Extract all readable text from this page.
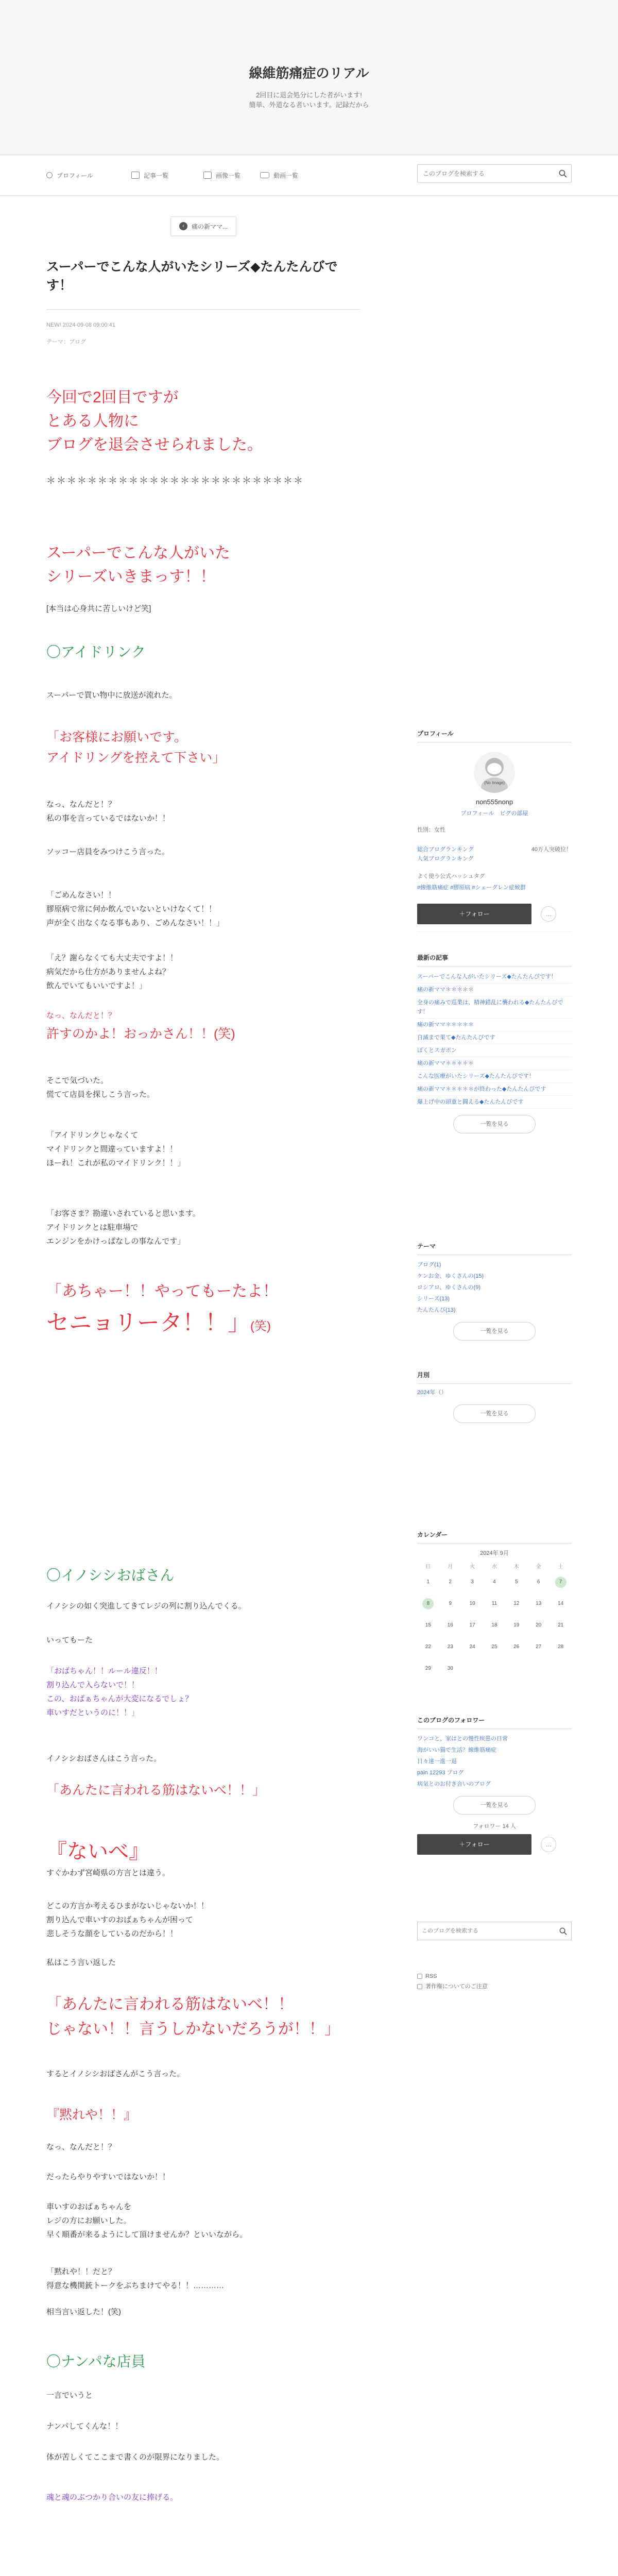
線維筋痛症のリアル
2回目に退会処分にした者がいます!
簡単、外道なる者いいます。記録だから
プロフィール	記事一覧	画像一覧	動画一覧
このブログを検索する
‹	痛の新ママ...
スーパーでこんな人がいたシリーズ◆たんたんびです！
NEW! 2024-09-08 09:00:41
テーマ：ブログ
今回で2回目ですが
とある人物に
ブログを退会させられました。
＊＊＊＊＊＊＊＊＊＊＊＊＊＊＊＊＊＊＊＊＊＊＊＊＊
スーパーでこんな人がいた
シリーズいきまっす！！
[本当は心身共に苦しいけど笑]
〇アイドリンク
スーパーで買い物中に放送が流れた。
「お客様にお願いです。
アイドリングを控えて下さい」
なっ、なんだと！？
私の事を言っているではないか！！
ソッコー店員をみつけこう言った。
「ごめんなさい！！
膠原病で常に何か飲んでいないといけなくて！！
声が全く出なくなる事もあり、ごめんなさい！！」
「え？謝らなくても大丈夫ですよ！！
病気だから仕方がありませんよね？
飲んでいてもいいですよ！」
なっ、なんだと！？
許すのかよ！おっかさん！！(笑)
そこで気づいた。
慌てて店員を探しこう言った。
「アイドリンクじゃなくて
マイドリンクと間違っていますよ！！
ほーれ！これが私のマイドリンク！！」
「お客さま？勘違いされていると思います。
アイドリンクとは駐車場で
エンジンをかけっぱなしの事なんです」
「あちゃー！！やってもーたよ！
セニョリータ！！」(笑)
〇イノシシおばさん
イノシシの如く突進してきてレジの列に割り込んでくる。
いってもーた
「おばちゃん！！ルール違反！！
割り込んで入らないで！！
この、おばぁちゃんが大変になるでしょ？
車いすだというのに！！」
イノシシおばさんはこう言った。
「あんたに言われる筋はないべ！！」
『ないべ』
すぐかわず宮崎県の方言とは違う。
どこの方言か考えるひまがないじゃないか！！
割り込んで車いすのおばぁちゃんが困って
悲しそうな顔をしているのだから！！
私はこう言い返した
「あんたに言われる筋はないべ！！
じゃない！！言うしかないだろうが！！」
するとイノシシおばさんがこう言った。
『黙れや！！』
なっ、なんだと！？
だったらやりやすいではないか！！
車いすのおばぁちゃんを
レジの方にお願いした。
早く順番が来るようにして頂けませんか？といいながら。
「黙れや！！だと？
得意な機関銃トークをぶちまけてやる！！…………
相当言い返した！(笑)
〇ナンパな店員
一言でいうと
ナンパしてくんな！！
体が苦しくてここまで書くのが限界になりました。
魂と魂のぶつかり合いの友に捧げる。
プロフィール
(No Image)
non555nonp
プロフィール　ピグの部屋
性別：女性
総合ブログランキング
人気ブログランキング
40万人突破位！
よく使う公式ハッシュタグ
#線維筋痛症 #膠原病 #シェーグレン症候群
＋フォロー	…
最新の記事
スーパーでこんな人がいたシリーズ◆たんたんびです！
痛の新ママ＊＊＊＊＊
全身の痛みで巡業は、精神錯乱に襲われる◆たんたんびです！
痛の新ママ＊＊＊＊＊
自滅まで果て◆たんたんびです
ぼくとスガポン
痛の新ママ＊＊＊＊＊
こんな医療がいたシリーズ◆たんたんびです！
痛の新ママ＊＊＊＊＊が終わった◆たんたんびです
爆上げ中の頭重と闘える◆たんたんびです
一覧を見る
テーマ
ブログ(1)
ケンお金、ゆくさんの(15)
ロシアロ、ゆくさんの(9)
シリーズ(13)
たんたんび(13)
一覧を見る
月別
2024年（）
一覧を見る
カレンダー
2024年 9月
日	月	火	水	木	金	土
1	2	3	4	5	6	7
8	9	10	11	12	13	14
15	16	17	18	19	20	21
22	23	24	25	26	27	28
29	30					
このブログのフォロワー
ワンコと、家はとの慢性疾患の日常
海がいい猫で生活？線維筋痛症
日々達一進一退
pain 12293 ブログ
病気とのお付き合いのブログ
一覧を見る
フォロワー 14 人
＋フォロー	…
このブログを検索する
RSS
著作権についてのご注意
